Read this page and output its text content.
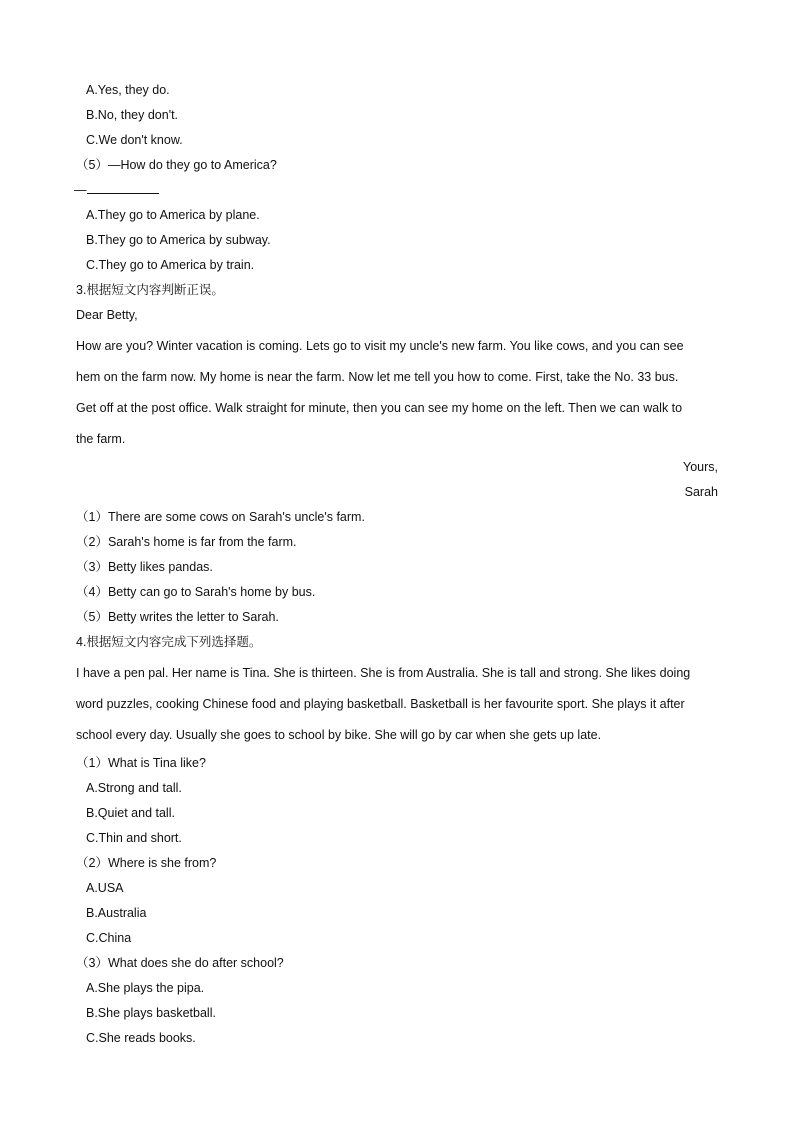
A.Yes, they do.
B.No, they don't.
C.We don't know.
（5）—How do they go to America?
—
A.They go to America by plane.
B.They go to America by subway.
C.They go to America by train.
3.根据短文内容判断正误。
Dear Betty,
How are you? Winter vacation is coming. Lets go to visit my uncle's new farm. You like cows, and you can see
hem on the farm now. My home is near the farm. Now let me tell you how to come. First, take the No. 33 bus.
Get off at the post office. Walk straight for minute, then you can see my home on the left. Then we can walk to
the farm.
Yours,
Sarah
（1）There are some cows on Sarah's uncle's farm.
（2）Sarah's home is far from the farm.
（3）Betty likes pandas.
（4）Betty can go to Sarah's home by bus.
（5）Betty writes the letter to Sarah.
4.根据短文内容完成下列选择题。
I have a pen pal. Her name is Tina. She is thirteen. She is from Australia. She is tall and strong. She likes doing
word puzzles, cooking Chinese food and playing basketball. Basketball is her favourite sport. She plays it after
school every day. Usually she goes to school by bike. She will go by car when she gets up late.
（1）What is Tina like?
A.Strong and tall.
B.Quiet and tall.
C.Thin and short.
（2）Where is she from?
A.USA
B.Australia
C.China
（3）What does she do after school?
A.She plays the pipa.
B.She plays basketball.
C.She reads books.
